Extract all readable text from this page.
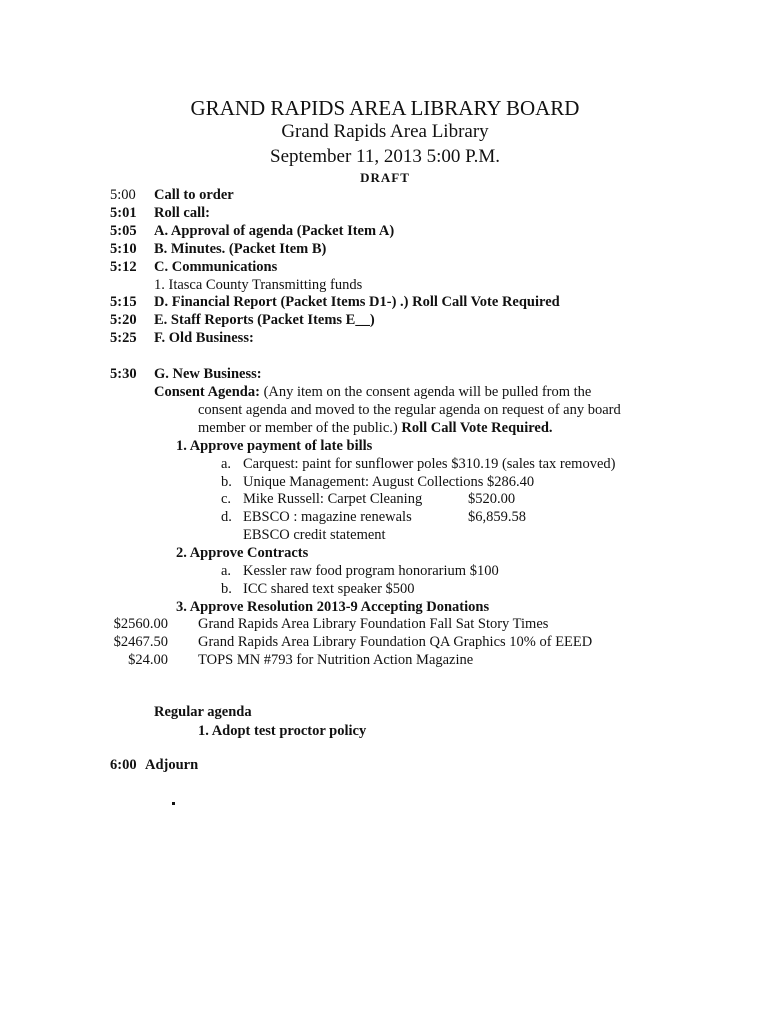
GRAND RAPIDS AREA LIBRARY BOARD
Grand Rapids Area Library
September 11, 2013 5:00 P.M.
DRAFT
5:00 Call to order
5:01 Roll call:
5:05 A. Approval of agenda (Packet Item A)
5:10 B. Minutes. (Packet Item B)
5:12 C. Communications
1. Itasca County Transmitting funds
5:15 D. Financial Report (Packet Items D1-) .) Roll Call Vote Required
5:20 E. Staff Reports (Packet Items E__)
5:25 F. Old Business:
5:30 G. New Business:
Consent Agenda: (Any item on the consent agenda will be pulled from the
consent agenda and moved to the regular agenda on request of any board
member or member of the public.) Roll Call Vote Required.
1. Approve payment of late bills
a. Carquest: paint for sunflower poles $310.19 (sales tax removed)
b. Unique Management: August Collections $286.40
c. Mike Russell: Carpet Cleaning	$520.00
d. EBSCO : magazine renewals	$6,859.58
EBSCO credit statement
2. Approve Contracts
a. Kessler raw food program honorarium $100
b. ICC shared text speaker $500
3. Approve Resolution 2013-9 Accepting Donations
$2560.00 Grand Rapids Area Library Foundation Fall Sat Story Times
$2467.50 Grand Rapids Area Library Foundation QA Graphics 10% of EEED
$24.00 TOPS MN #793 for Nutrition Action Magazine
Regular agenda
1. Adopt test proctor policy
6:00 Adjourn
